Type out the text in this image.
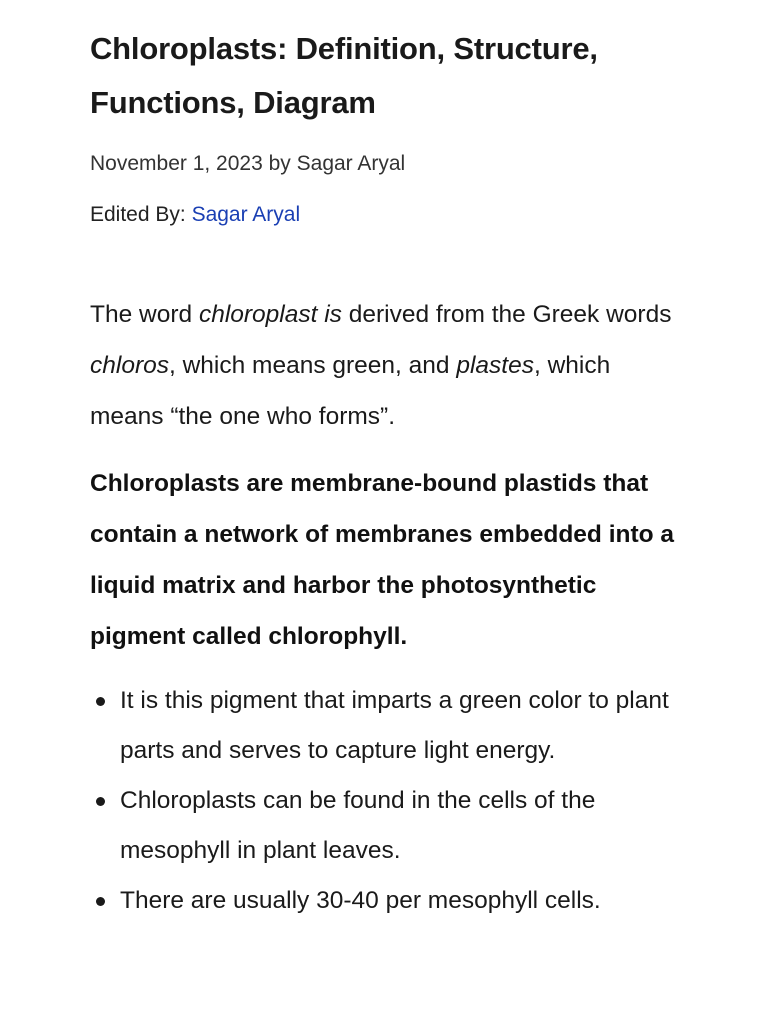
Chloroplasts: Definition, Structure, Functions, Diagram
November 1, 2023 by Sagar Aryal
Edited By: Sagar Aryal

The word chloroplast is derived from the Greek words chloros, which means green, and plastes, which means “the one who forms”.

Chloroplasts are membrane-bound plastids that contain a network of membranes embedded into a liquid matrix and harbor the photosynthetic pigment called chlorophyll.

It is this pigment that imparts a green color to plant parts and serves to capture light energy.
Chloroplasts can be found in the cells of the mesophyll in plant leaves.
There are usually 30-40 per mesophyll cells.
